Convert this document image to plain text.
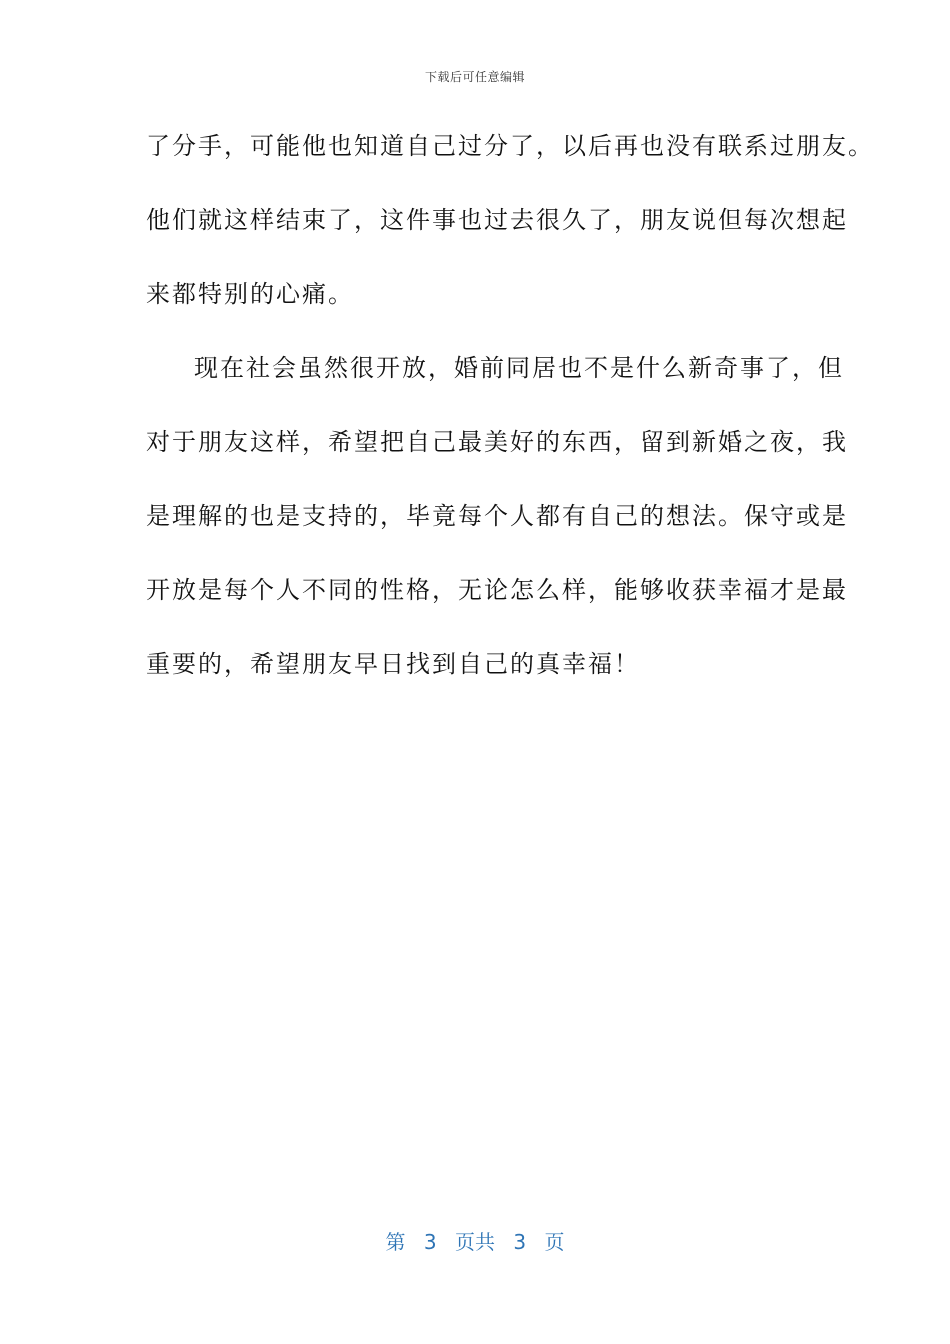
下载后可任意编辑
了分手，可能他也知道自己过分了，以后再也没有联系过朋友。
他们就这样结束了，这件事也过去很久了，朋友说但每次想起
来都特别的心痛。
现在社会虽然很开放，婚前同居也不是什么新奇事了，但
对于朋友这样，希望把自己最美好的东西，留到新婚之夜，我
是理解的也是支持的，毕竟每个人都有自己的想法。保守或是
开放是每个人不同的性格，无论怎么样，能够收获幸福才是最
重要的，希望朋友早日找到自己的真幸福！
第 3 页共 3 页
